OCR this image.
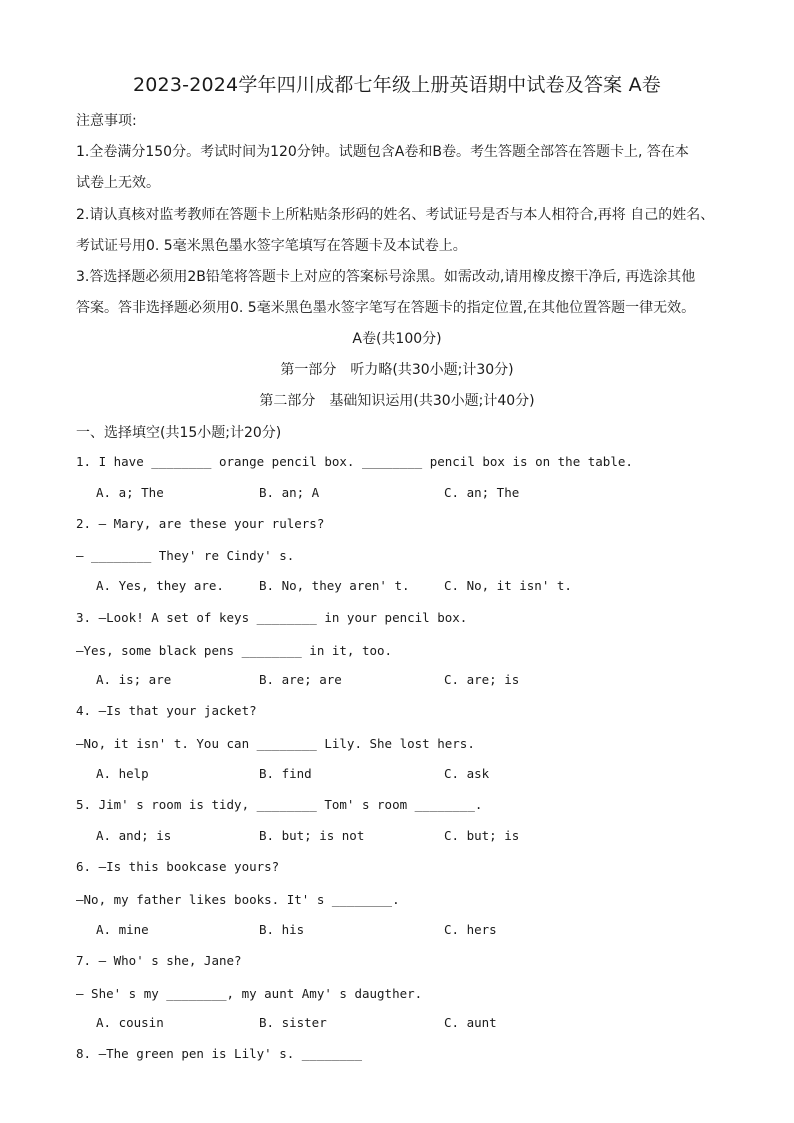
2023-2024学年四川成都七年级上册英语期中试卷及答案 A卷
注意事项:
1.全卷满分150分。考试时间为120分钟。试题包含A卷和B卷。考生答题全部答在答题卡上, 答在本
试卷上无效。
2.请认真核对监考教师在答题卡上所粘贴条形码的姓名、考试证号是否与本人相符合,再将 自己的姓名、
考试证号用0. 5毫米黑色墨水签字笔填写在答题卡及本试卷上。
3.答选择题必须用2B铅笔将答题卡上对应的答案标号涂黑。如需改动,请用橡皮擦干净后, 再选涂其他
答案。答非选择题必须用0. 5毫米黑色墨水签字笔写在答题卡的指定位置,在其他位置答题一律无效。
A卷(共100分)
第一部分　听力略(共30小题;计30分)
第二部分　基础知识运用(共30小题;计40分)
一、选择填空(共15小题;计20分)
1. I have ________ orange pencil box. ________ pencil box is on the table.
A. a; The	B. an; A	C. an; The
2. — Mary, are these your rulers?
— ________ They' re Cindy' s.
A. Yes, they are.	B. No, they aren' t.	C. No, it isn' t.
3. —Look! A set of keys ________ in your pencil box.
—Yes, some black pens ________ in it, too.
A. is; are	B. are; are	C. are; is
4. —Is that your jacket?
—No, it isn' t. You can ________ Lily. She lost hers.
A. help	B. find	C. ask
5. Jim' s room is tidy, ________ Tom' s room ________.
A. and; is	B. but; is not	C. but; is
6. —Is this bookcase yours?
—No, my father likes books. It' s ________.
A. mine	B. his	C. hers
7. — Who' s she, Jane?
— She' s my ________, my aunt Amy' s daugther.
A. cousin	B. sister	C. aunt
8. —The green pen is Lily' s. ________
